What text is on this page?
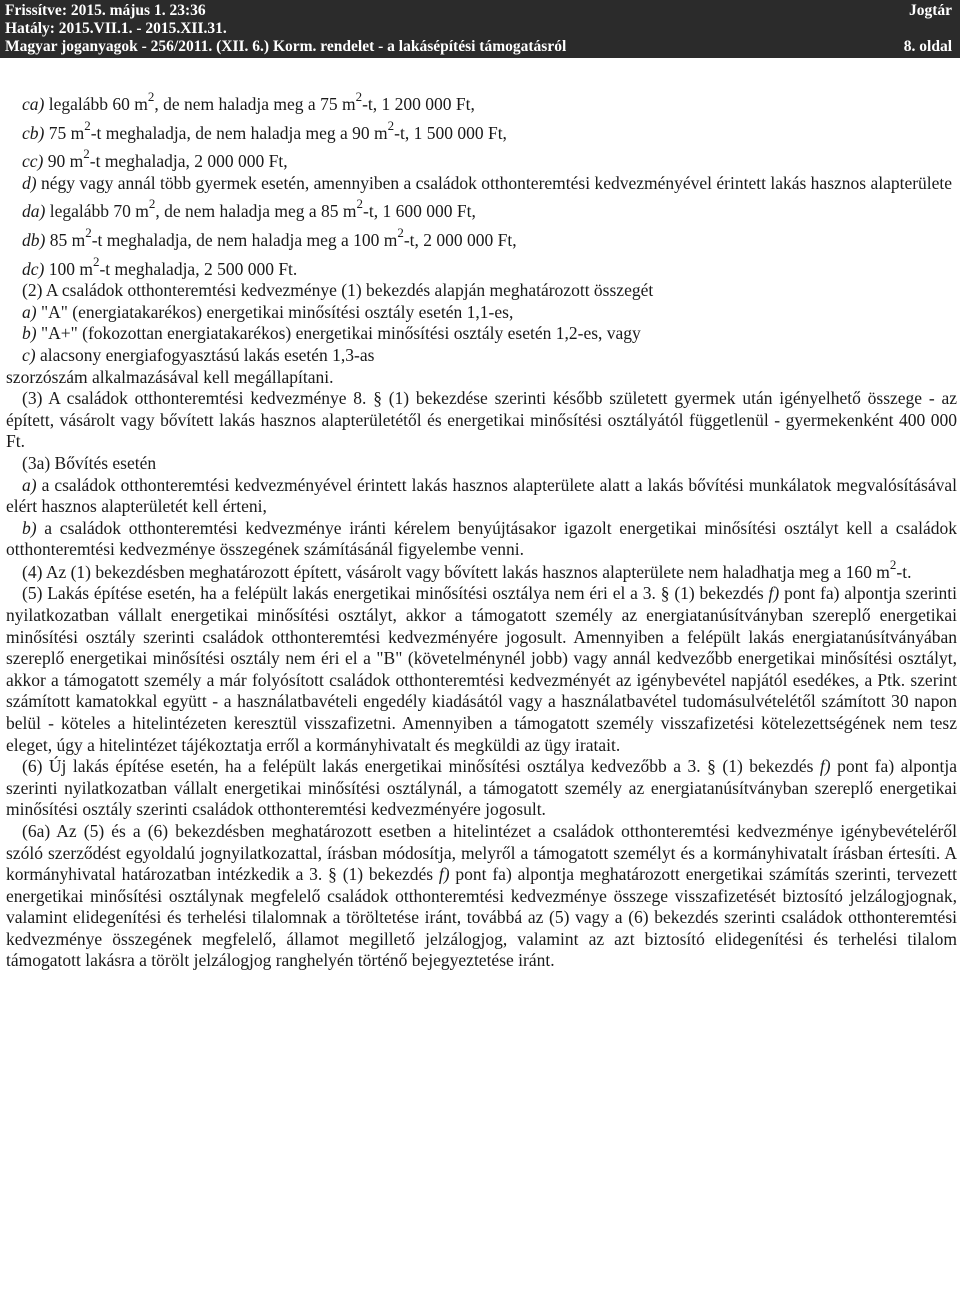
Frissítve: 2015. május 1. 23:36
Hatály: 2015.VII.1. - 2015.XII.31.
Magyar joganyagok - 256/2011. (XII. 6.) Korm. rendelet - a lakásépítési támogatásról
Jogtár
8. oldal

ca) legalább 60 $m^2$, de nem haladja meg a 75 $m^2-t$, 1 200 000 Ft,

cb) 75 $m^2-t$ meghaladja, de nem haladja meg a 90 $m^2-t$, 1 500 000 Ft,

cc) 90 $m^2-t$ meghaladja, 2 000 000 Ft,

d) négy vagy annál több gyermek esetén, amennyiben a családok otthonteremtési kedvezményével érintett lakás hasznos alapterülete

da) legalább 70 $m^2$, de nem haladja meg a 85 $m^2-t$, 1 600 000 Ft,

db) 85 $m^2-t$ meghaladja, de nem haladja meg a 100 $m^2-t$, 2 000 000 Ft,

dc) 100 $m^2-t$ meghaladja, 2 500 000 Ft.

(2) A családok otthonteremtési kedvezménye (1) bekezdés alapján meghatározott összegét

a) "A" (energiatakarékos) energetikai minősítési osztály esetén 1,1-es,

b) "A+" (fokozottan energiatakarékos) energetikai minősítési osztály esetén 1,2-es, vagy

c) alacsony energiafogyasztású lakás esetén 1,3-as

szorzószám alkalmazásával kell megállapítani.

(3) A családok otthonteremtési kedvezménye 8. § (1) bekezdése szerinti később született gyermek után igényelhető összege - az épített, vásárolt vagy bővített lakás hasznos alapterületétől és energetikai minősítési osztályától függetlenül - gyermekenként 400 000 Ft.

(3a) Bővítés esetén

a) a családok otthonteremtési kedvezményével érintett lakás hasznos alapterülete alatt a lakás bővítési munkálatok megvalósításával elért hasznos alapterületét kell érteni,

b) a családok otthonteremtési kedvezménye iránti kérelem benyújtásakor igazolt energetikai minősítési osztályt kell a családok otthonteremtési kedvezménye összegének számításánál figyelembe venni.

(4) Az (1) bekezdésben meghatározott épített, vásárolt vagy bővített lakás hasznos alapterülete nem haladhatja meg a 160 $m^2-t$.

(5) Lakás építése esetén, ha a felépült lakás energetikai minősítési osztálya nem éri el a 3. § (1) bekezdés f) pont fa) alpontja szerinti nyilatkozatban vállalt energetikai minősítési osztályt, akkor a támogatott személy az energiatanúsítványban szereplő energetikai minősítési osztály szerinti családok otthonteremtési kedvezményére jogosult. Amennyiben a felépült lakás energiatanúsítványában szereplő energetikai minősítési osztály nem éri el a "B" (követelménynél jobb) vagy annál kedvezőbb energetikai minősítési osztályt, akkor a támogatott személy a már folyósított családok otthonteremtési kedvezményét az igénybevétel napjától esedékes, a Ptk. szerint számított kamatokkal együtt - a használatbavételi engedély kiadásától vagy a használatbavétel tudomásulvételétől számított 30 napon belül - köteles a hitelintézeten keresztül visszafizetni. Amennyiben a támogatott személy visszafizetési kötelezettségének nem tesz eleget, úgy a hitelintézet tájékoztatja erről a kormányhivatalt és megküldi az ügy iratait.

(6) Új lakás építése esetén, ha a felépült lakás energetikai minősítési osztálya kedvezőbb a 3. § (1) bekezdés f) pont fa) alpontja szerinti nyilatkozatban vállalt energetikai minősítési osztálynál, a támogatott személy az energiatanúsítványban szereplő energetikai minősítési osztály szerinti családok otthonteremtési kedvezményére jogosult.

(6a) Az (5) és a (6) bekezdésben meghatározott esetben a hitelintézet a családok otthonteremtési kedvezménye igénybevételéről szóló szerződést egyoldalú jognyilatkozattal, írásban módosítja, melyről a támogatott személyt és a kormányhivatalt írásban értesíti. A kormányhivatal határozatban intézkedik a 3. § (1) bekezdés f) pont fa) alpontja meghatározott energetikai számítás szerinti, tervezett energetikai minősítési osztálynak megfelelő családok otthonteremtési kedvezménye összege visszafizetését biztosító jelzálogjognak, valamint elidegenítési és terhelési tilalomnak a töröltetése iránt, továbbá az (5) vagy a (6) bekezdés szerinti családok otthonteremtési kedvezménye összegének megfelelő, államot megillető jelzálogjog, valamint az azt biztosító elidegenítési és terhelési tilalom támogatott lakásra a törölt jelzálogjog ranghelyén történő bejegyeztetése iránt.
